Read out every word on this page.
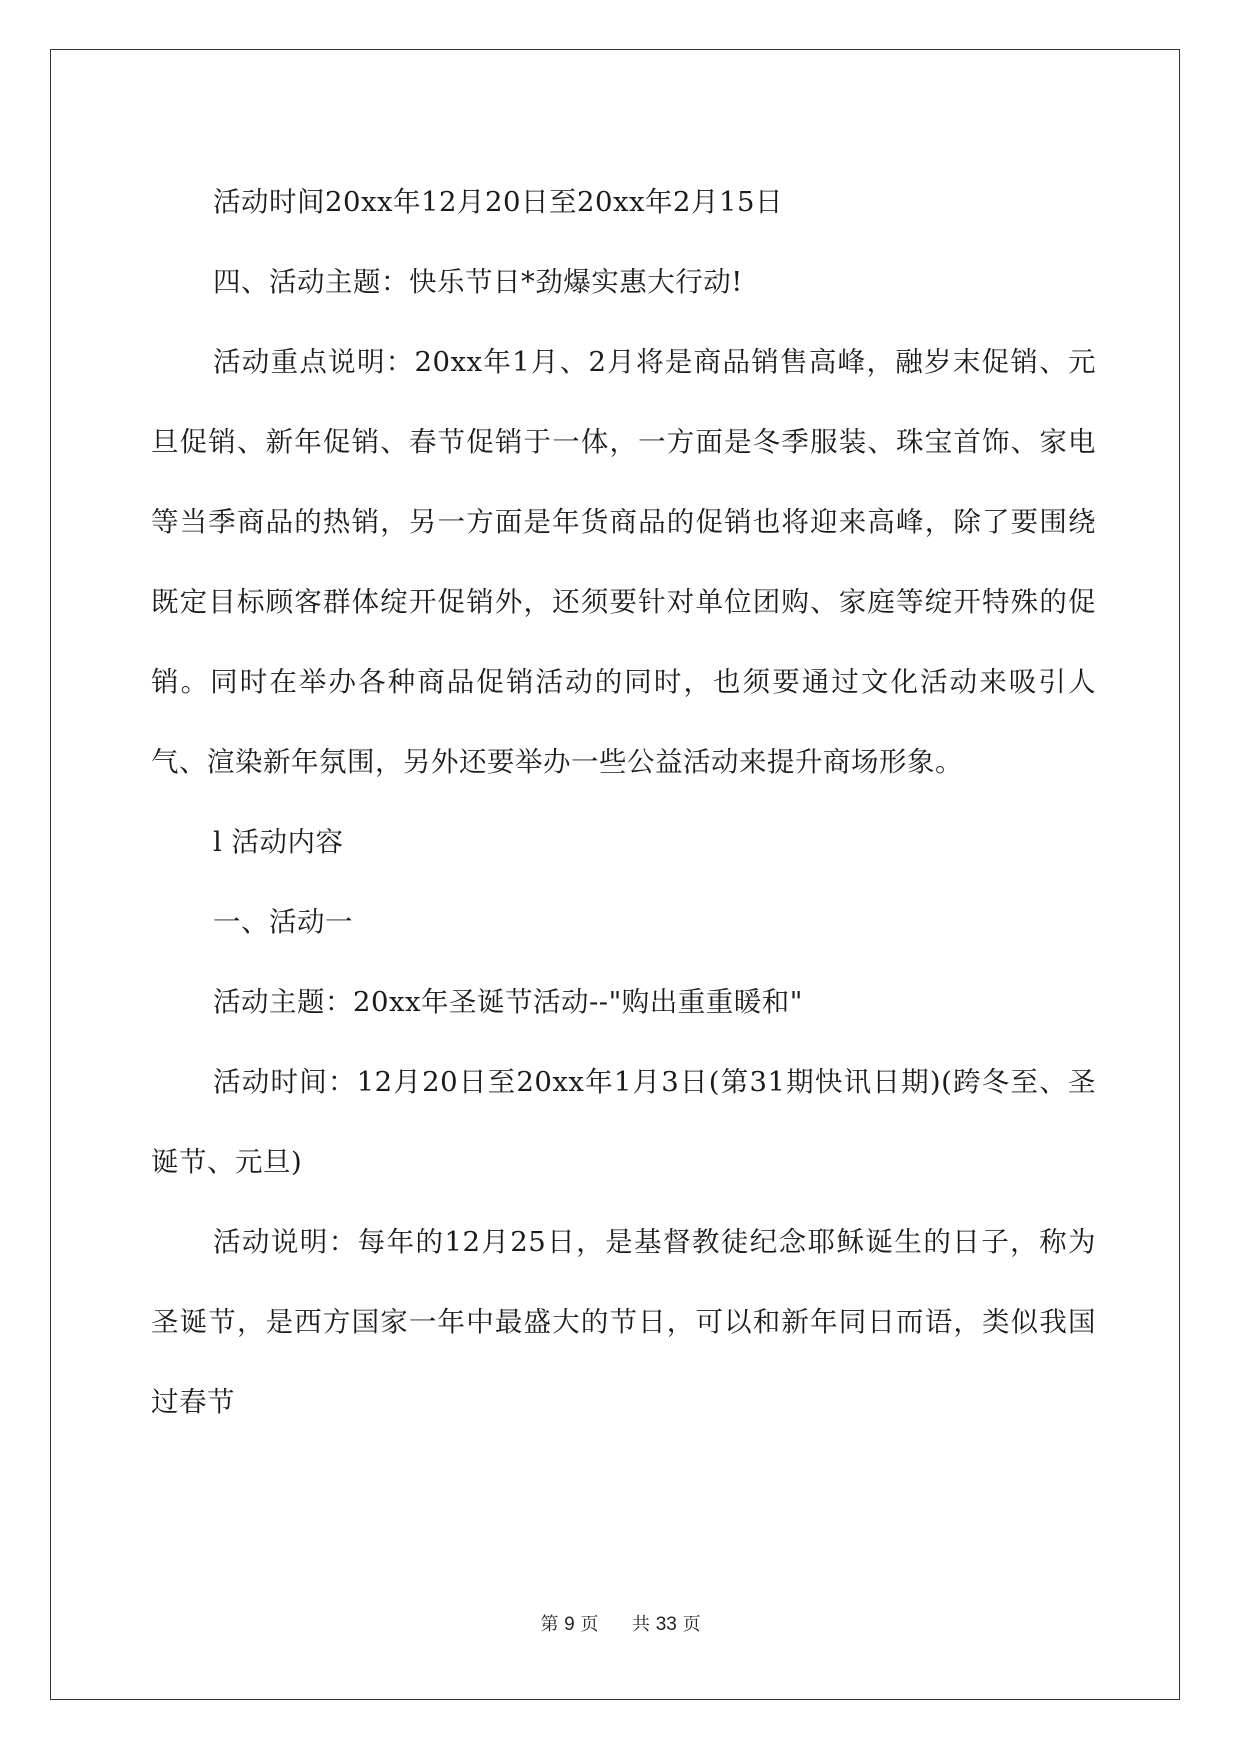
活动时间20xx年12月20日至20xx年2月15日

四、活动主题：快乐节日*劲爆实惠大行动!

活动重点说明：20xx年1月、2月将是商品销售高峰，融岁末促销、元旦促销、新年促销、春节促销于一体，一方面是冬季服装、珠宝首饰、家电等当季商品的热销，另一方面是年货商品的促销也将迎来高峰，除了要围绕既定目标顾客群体绽开促销外，还须要针对单位团购、家庭等绽开特殊的促销。同时在举办各种商品促销活动的同时，也须要通过文化活动来吸引人气、渲染新年氛围，另外还要举办一些公益活动来提升商场形象。

l 活动内容

一、活动一

活动主题：20xx年圣诞节活动--"购出重重暖和"

活动时间：12月20日至20xx年1月3日(第31期快讯日期)(跨冬至、圣诞节、元旦)

活动说明：每年的12月25日，是基督教徒纪念耶稣诞生的日子，称为圣诞节，是西方国家一年中最盛大的节日，可以和新年同日而语，类似我国过春节

第 9 页 共 33 页
